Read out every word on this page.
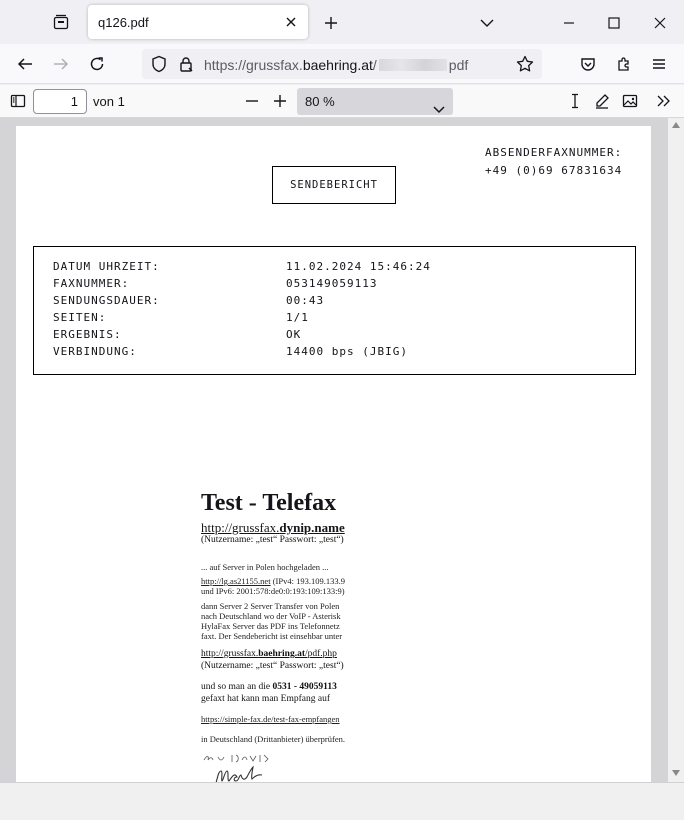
q126.pdf
https://grussfax.baehring.at/	pdf
1	von 1	80 %
ABSENDERFAXNUMMER:
+49 (0)69 67831634
SENDEBERICHT
DATUM UHRZEIT:	11.02.2024 15:46:24
FAXNUMMER:	053149059113
SENDUNGSDAUER:	00:43
SEITEN:	1/1
ERGEBNIS:	OK
VERBINDUNG:	14400 bps (JBIG)
Test - Telefax
http://grussfax.dynip.name
(Nutzername: „test“ Passwort: „test“)
... auf Server in Polen hochgeladen ...
http://lg.as21155.net (IPv4: 193.109.133.9
und IPv6: 2001:578:de0:0:193:109:133:9)
dann Server 2 Server Transfer von Polen
nach Deutschland wo der VoIP - Asterisk
HylaFax Server das PDF ins Telefonnetz
faxt. Der Sendebericht ist einsehbar unter
http://grussfax.baehring.at/pdf.php
(Nutzername: „test“ Passwort: „test“)
und so man an die 0531 - 49059113
gefaxt hat kann man Empfang auf
https://simple-fax.de/test-fax-empfangen
in Deutschland (Drittanbieter) überprüfen.
